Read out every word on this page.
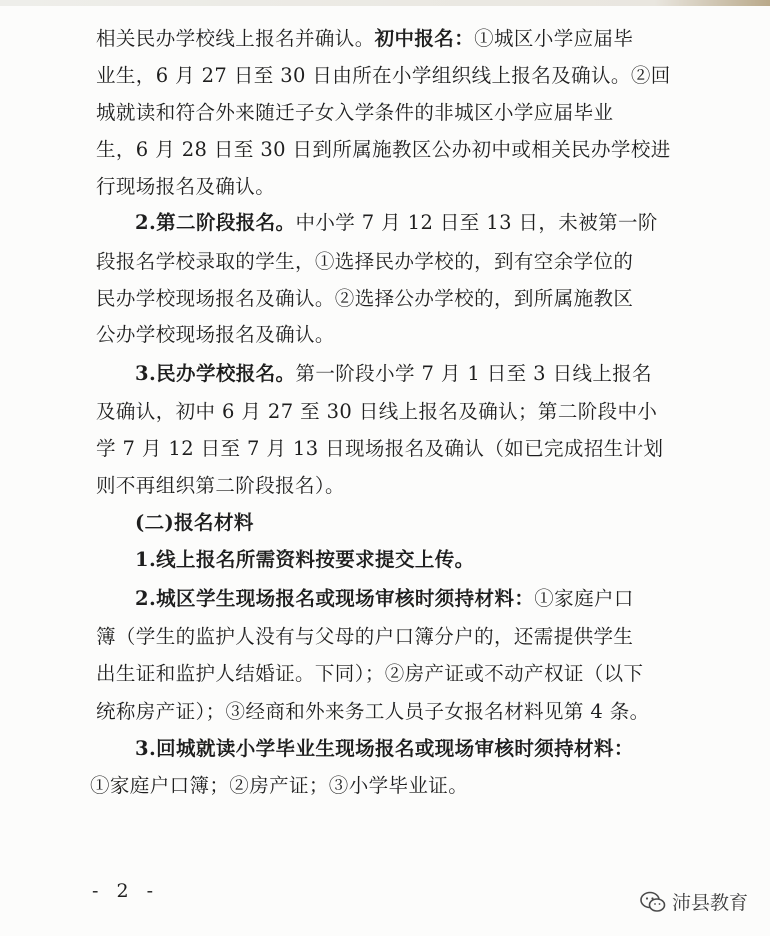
相关民办学校线上报名并确认。初中报名：①城区小学应届毕
业生，6 月 27 日至 30 日由所在小学组织线上报名及确认。②回
城就读和符合外来随迁子女入学条件的非城区小学应届毕业
生，6 月 28 日至 30 日到所属施教区公办初中或相关民办学校进
行现场报名及确认。
2.第二阶段报名。中小学 7 月 12 日至 13 日，未被第一阶
段报名学校录取的学生，①选择民办学校的，到有空余学位的
民办学校现场报名及确认。②选择公办学校的，到所属施教区
公办学校现场报名及确认。
3.民办学校报名。第一阶段小学 7 月 1 日至 3 日线上报名
及确认，初中 6 月 27 至 30 日线上报名及确认；第二阶段中小
学 7 月 12 日至 7 月 13 日现场报名及确认（如已完成招生计划
则不再组织第二阶段报名）。
(二)报名材料
1.线上报名所需资料按要求提交上传。
2.城区学生现场报名或现场审核时须持材料：①家庭户口
簿（学生的监护人没有与父母的户口簿分户的，还需提供学生
出生证和监护人结婚证。下同）；②房产证或不动产权证（以下
统称房产证）；③经商和外来务工人员子女报名材料见第 4 条。
3.回城就读小学毕业生现场报名或现场审核时须持材料：
①家庭户口簿；②房产证；③小学毕业证。
- 2 -
沛县教育
